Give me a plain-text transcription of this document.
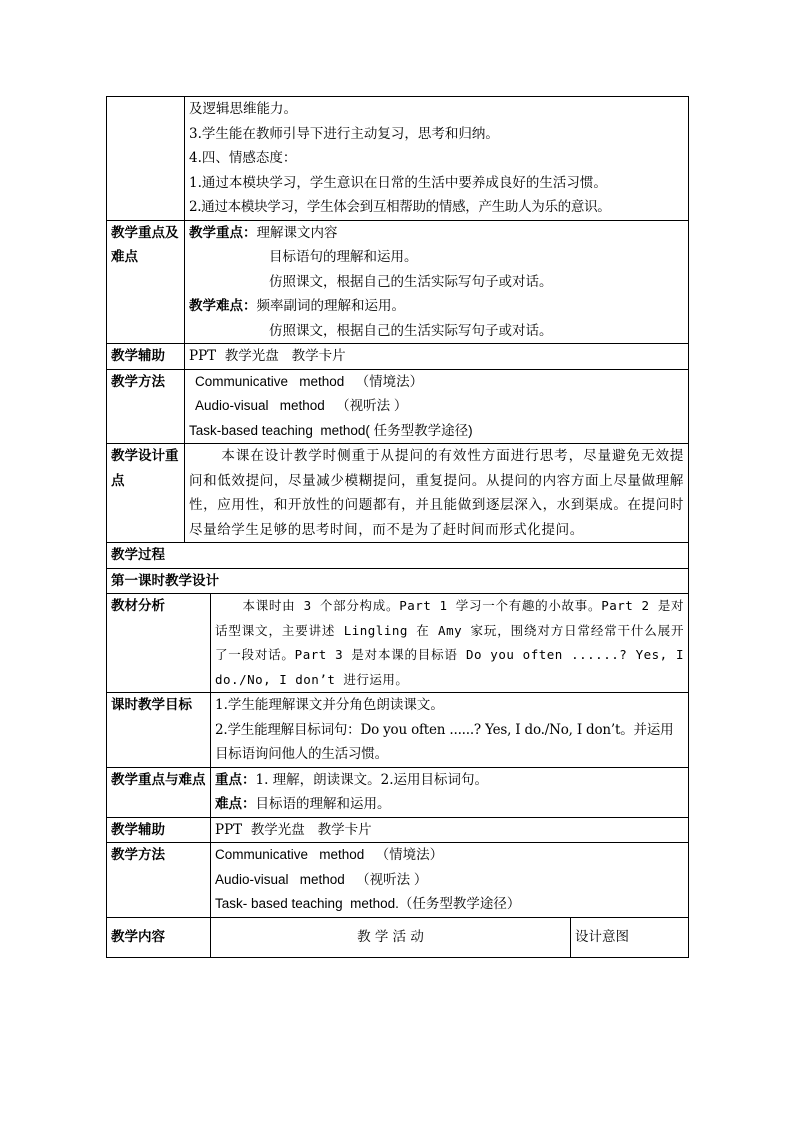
	及逻辑思维能力。
3.学生能在教师引导下进行主动复习，思考和归纳。
4.四、情感态度：
1.通过本模块学习，学生意识在日常的生活中要养成良好的生活习惯。
2.通过本模块学习，学生体会到互相帮助的情感，产生助人为乐的意识。		

教学重点及难点	教学重点：理解课文内容
目标语句的理解和运用。
仿照课文，根据自己的生活实际写句子或对话。
教学难点：频率副词的理解和运用。
仿照课文，根据自己的生活实际写句子或对话。		

教学辅助	PPT  教学光盘   教学卡片		
教学方法	Communicative   method   （情境法）
Audio-visual   method   （视听法 ）
Task-based teaching  method( 任务型教学途径)		

教学设计重点	本课在设计教学时侧重于从提问的有效性方面进行思考，尽量避免无效提问和低效提问，尽量减少模糊提问，重复提问。从提问的内容方面上尽量做理解性，应用性，和开放性的问题都有，并且能做到逐层深入，水到渠成。在提问时尽量给学生足够的思考时间，而不是为了赶时间而形式化提问。		
教学过程			
第一课时教学设计			
教材分析		本课时由 3 个部分构成。Part 1 学习一个有趣的小故事。Part 2 是对话型课文，主要讲述 Lingling 在 Amy 家玩，围绕对方日常经常干什么展开了一段对话。Part 3 是对本课的目标语 Do you often ......? Yes, I do./No, I don’t 进行运用。	
课时教学目标		1.学生能理解课文并分角色朗读课文。
2.学生能理解目标词句：Do you often ......? Yes, I do./No, I don’t。并运用目标语询问他人的生活习惯。	

教学重点与难点		重点：1. 理解，朗读课文。2.运用目标词句。
难点：目标语的理解和运用。	

教学辅助		PPT  教学光盘   教学卡片	
教学方法		Communicative   method   （情境法）
Audio-visual   method   （视听法 ）
Task- based teaching  method.（任务型教学途径）	

教学内容		教 学 活 动	设计意图
